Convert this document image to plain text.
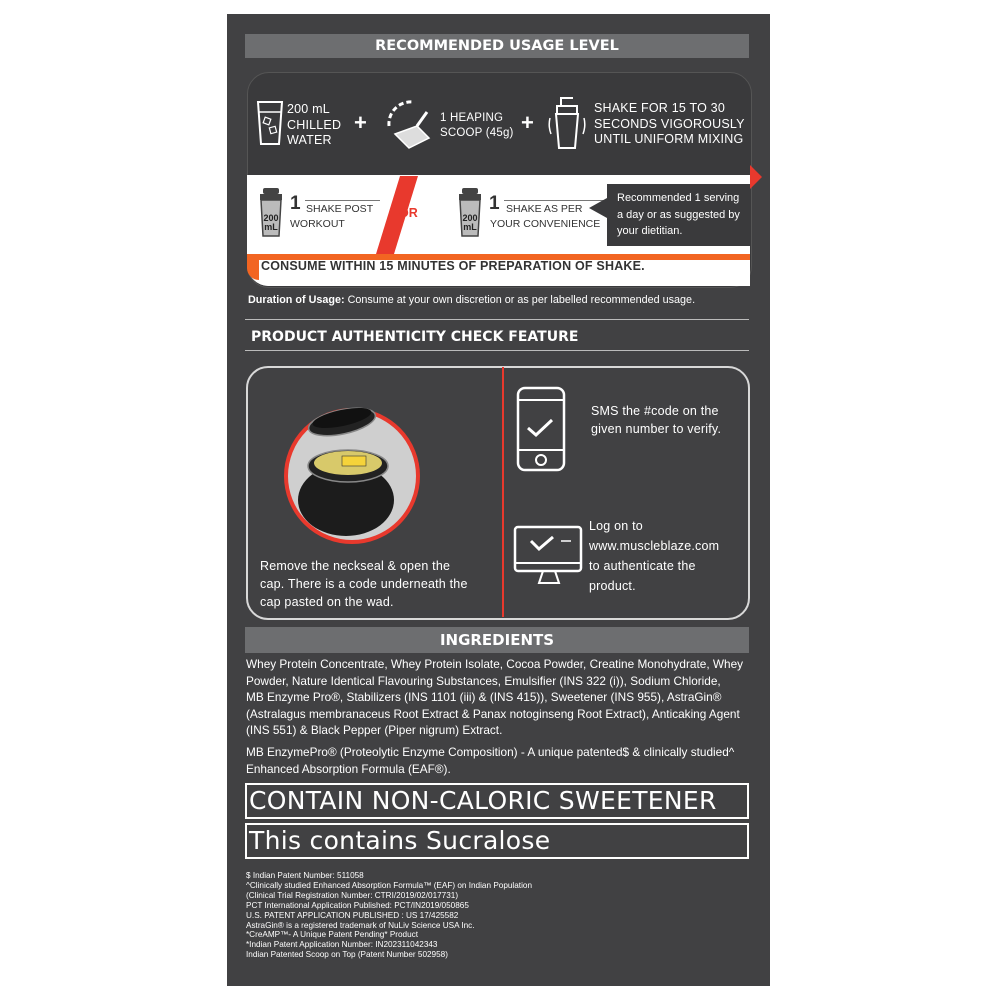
RECOMMENDED USAGE LEVEL
200 mL
CHILLED
WATER
+	1 HEAPING
SCOOP (45g) +
SHAKE FOR 15 TO 30
SECONDS VIGOROUSLY
UNTIL UNIFORM MIXING
200
mL
1 SHAKE POST
WORKOUT
OR	200
mL
1 SHAKE AS PER
YOUR CONVENIENCE
Recommended 1 serving
a day or as suggested by
your dietitian.
CONSUME WITHIN 15 MINUTES OF PREPARATION OF SHAKE.
Duration of Usage: Consume at your own discretion or as per labelled recommended usage.
PRODUCT AUTHENTICITY CHECK FEATURE
Remove the neckseal & open the
cap. There is a code underneath the
cap pasted on the wad.
SMS the #code on the
given number to verify.
Log on to
www.muscleblaze.com
to authenticate the
product.
INGREDIENTS
Whey Protein Concentrate, Whey Protein Isolate, Cocoa Powder, Creatine Monohydrate, Whey
Powder, Nature Identical Flavouring Substances, Emulsifier (INS 322 (i)), Sodium Chloride,
MB Enzyme Pro®, Stabilizers (INS 1101 (iii) & (INS 415)), Sweetener (INS 955), AstraGin®
(Astralagus membranaceus Root Extract & Panax notoginseng Root Extract), Anticaking Agent
(INS 551) & Black Pepper (Piper nigrum) Extract.
MB EnzymePro® (Proteolytic Enzyme Composition) - A unique patented$ & clinically studied^
Enhanced Absorption Formula (EAF®).
CONTAIN NON-CALORIC SWEETENER
This contains Sucralose
$ Indian Patent Number: 511058
^Clinically studied Enhanced Absorption Formula™ (EAF) on Indian Population
(Clinical Trial Registration Number: CTRI/2019/02/017731)
PCT International Application Published: PCT/IN2019/050865
U.S. PATENT APPLICATION PUBLISHED : US 17/425582
AstraGin® is a registered trademark of NuLiv Science USA Inc.
*CreAMP™- A Unique Patent Pending* Product
*Indian Patent Application Number: IN202311042343
Indian Patented Scoop on Top (Patent Number 502958)
